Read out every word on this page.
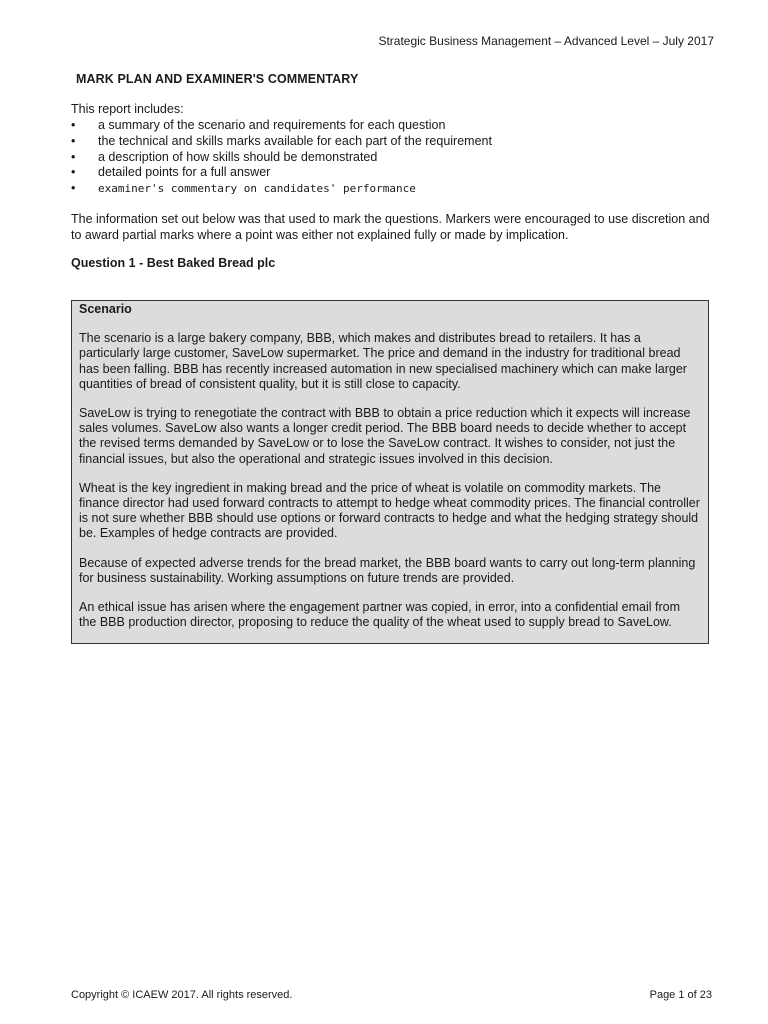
Strategic Business Management – Advanced Level – July 2017
MARK PLAN AND EXAMINER'S COMMENTARY
This report includes:
• a summary of the scenario and requirements for each question
• the technical and skills marks available for each part of the requirement
• a description of how skills should be demonstrated
• detailed points for a full answer
• examiner's commentary on candidates' performance
The information set out below was that used to mark the questions. Markers were encouraged to use discretion and to award partial marks where a point was either not explained fully or made by implication.
Question 1 - Best Baked Bread plc
Scenario

The scenario is a large bakery company, BBB, which makes and distributes bread to retailers. It has a particularly large customer, SaveLow supermarket. The price and demand in the industry for traditional bread has been falling. BBB has recently increased automation in new specialised machinery which can make larger quantities of bread of consistent quality, but it is still close to capacity.

SaveLow is trying to renegotiate the contract with BBB to obtain a price reduction which it expects will increase sales volumes. SaveLow also wants a longer credit period. The BBB board needs to decide whether to accept the revised terms demanded by SaveLow or to lose the SaveLow contract. It wishes to consider, not just the financial issues, but also the operational and strategic issues involved in this decision.

Wheat is the key ingredient in making bread and the price of wheat is volatile on commodity markets. The finance director had used forward contracts to attempt to hedge wheat commodity prices. The financial controller is not sure whether BBB should use options or forward contracts to hedge and what the hedging strategy should be. Examples of hedge contracts are provided.

Because of expected adverse trends for the bread market, the BBB board wants to carry out long-term planning for business sustainability. Working assumptions on future trends are provided.

An ethical issue has arisen where the engagement partner was copied, in error, into a confidential email from the BBB production director, proposing to reduce the quality of the wheat used to supply bread to SaveLow.

Copyright © ICAEW 2017. All rights reserved.	Page 1 of 23
